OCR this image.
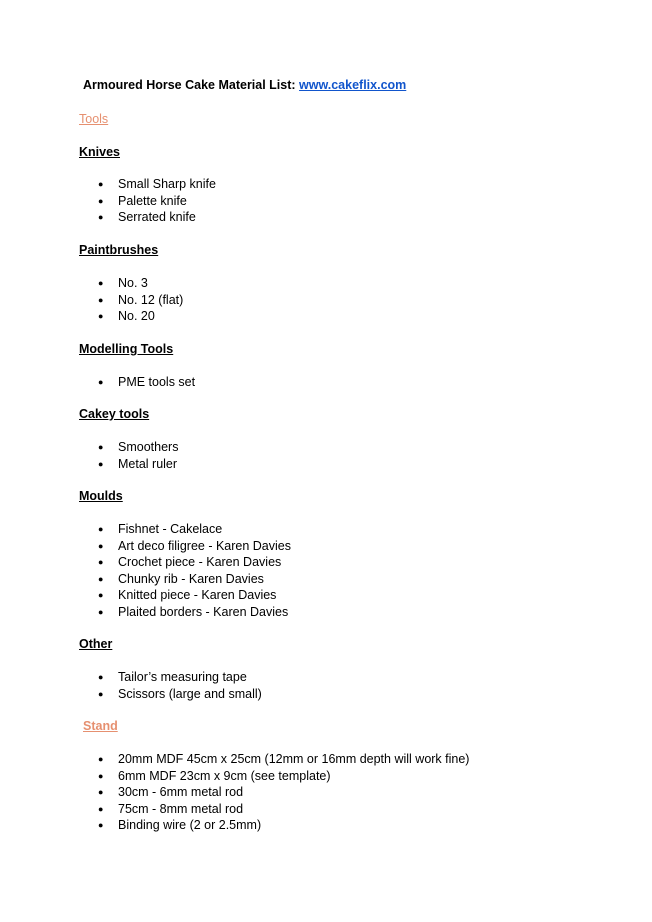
Armoured Horse Cake Material List: www.cakeflix.com
Tools
Knives
● Small Sharp knife
● Palette knife
● Serrated knife
Paintbrushes
● No. 3
● No. 12 (flat)
● No. 20
Modelling Tools
● PME tools set
Cakey tools
● Smoothers
● Metal ruler
Moulds
● Fishnet - Cakelace
● Art deco filigree - Karen Davies
● Crochet piece - Karen Davies
● Chunky rib - Karen Davies
● Knitted piece - Karen Davies
● Plaited borders - Karen Davies
Other
● Tailor’s measuring tape
● Scissors (large and small)
Stand
● 20mm MDF 45cm x 25cm (12mm or 16mm depth will work fine)
● 6mm MDF 23cm x 9cm (see template)
● 30cm - 6mm metal rod
● 75cm - 8mm metal rod
● Binding wire (2 or 2.5mm)
